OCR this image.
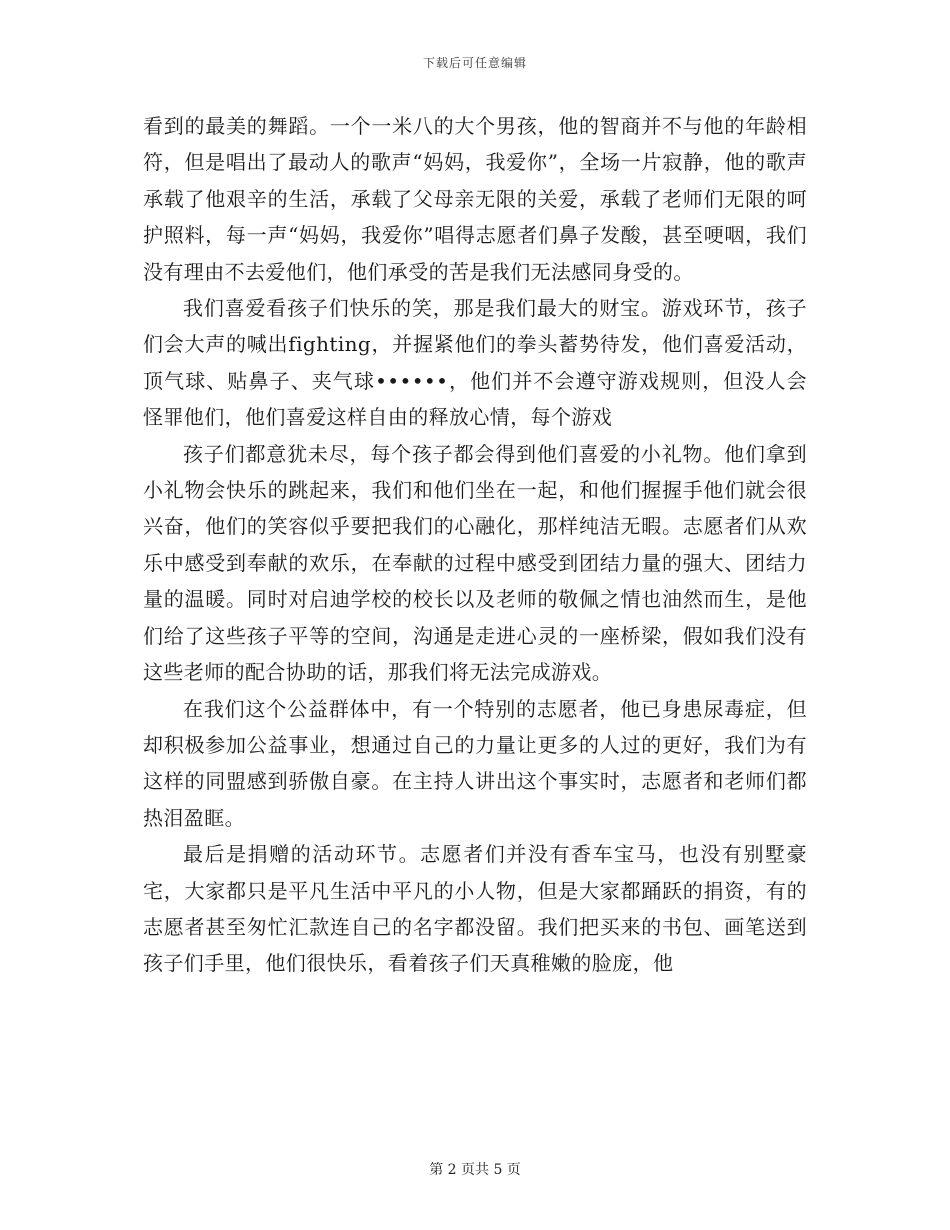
下载后可任意编辑

看到的最美的舞蹈。一个一米八的大个男孩，他的智商并不与他的年龄相符，但是唱出了最动人的歌声“妈妈，我爱你”，全场一片寂静，他的歌声承载了他艰辛的生活，承载了父母亲无限的关爱，承载了老师们无限的呵护照料，每一声“妈妈，我爱你”唱得志愿者们鼻子发酸，甚至哽咽，我们没有理由不去爱他们，他们承受的苦是我们无法感同身受的。

我们喜爱看孩子们快乐的笑，那是我们最大的财宝。游戏环节，孩子们会大声的喊出fighting，并握紧他们的拳头蓄势待发，他们喜爱活动，顶气球、贴鼻子、夹气球••••••，他们并不会遵守游戏规则，但没人会怪罪他们，他们喜爱这样自由的释放心情，每个游戏

孩子们都意犹未尽，每个孩子都会得到他们喜爱的小礼物。他们拿到小礼物会快乐的跳起来，我们和他们坐在一起，和他们握握手他们就会很兴奋，他们的笑容似乎要把我们的心融化，那样纯洁无暇。志愿者们从欢乐中感受到奉献的欢乐，在奉献的过程中感受到团结力量的强大、团结力量的温暖。同时对启迪学校的校长以及老师的敬佩之情也油然而生，是他们给了这些孩子平等的空间，沟通是走进心灵的一座桥梁，假如我们没有这些老师的配合协助的话，那我们将无法完成游戏。

在我们这个公益群体中，有一个特别的志愿者，他已身患尿毒症，但却积极参加公益事业，想通过自己的力量让更多的人过的更好，我们为有这样的同盟感到骄傲自豪。在主持人讲出这个事实时，志愿者和老师们都热泪盈眶。

最后是捐赠的活动环节。志愿者们并没有香车宝马，也没有别墅豪宅，大家都只是平凡生活中平凡的小人物，但是大家都踊跃的捐资，有的志愿者甚至匆忙汇款连自己的名字都没留。我们把买来的书包、画笔送到孩子们手里，他们很快乐，看着孩子们天真稚嫩的脸庞，他

第 2 页共 5 页
